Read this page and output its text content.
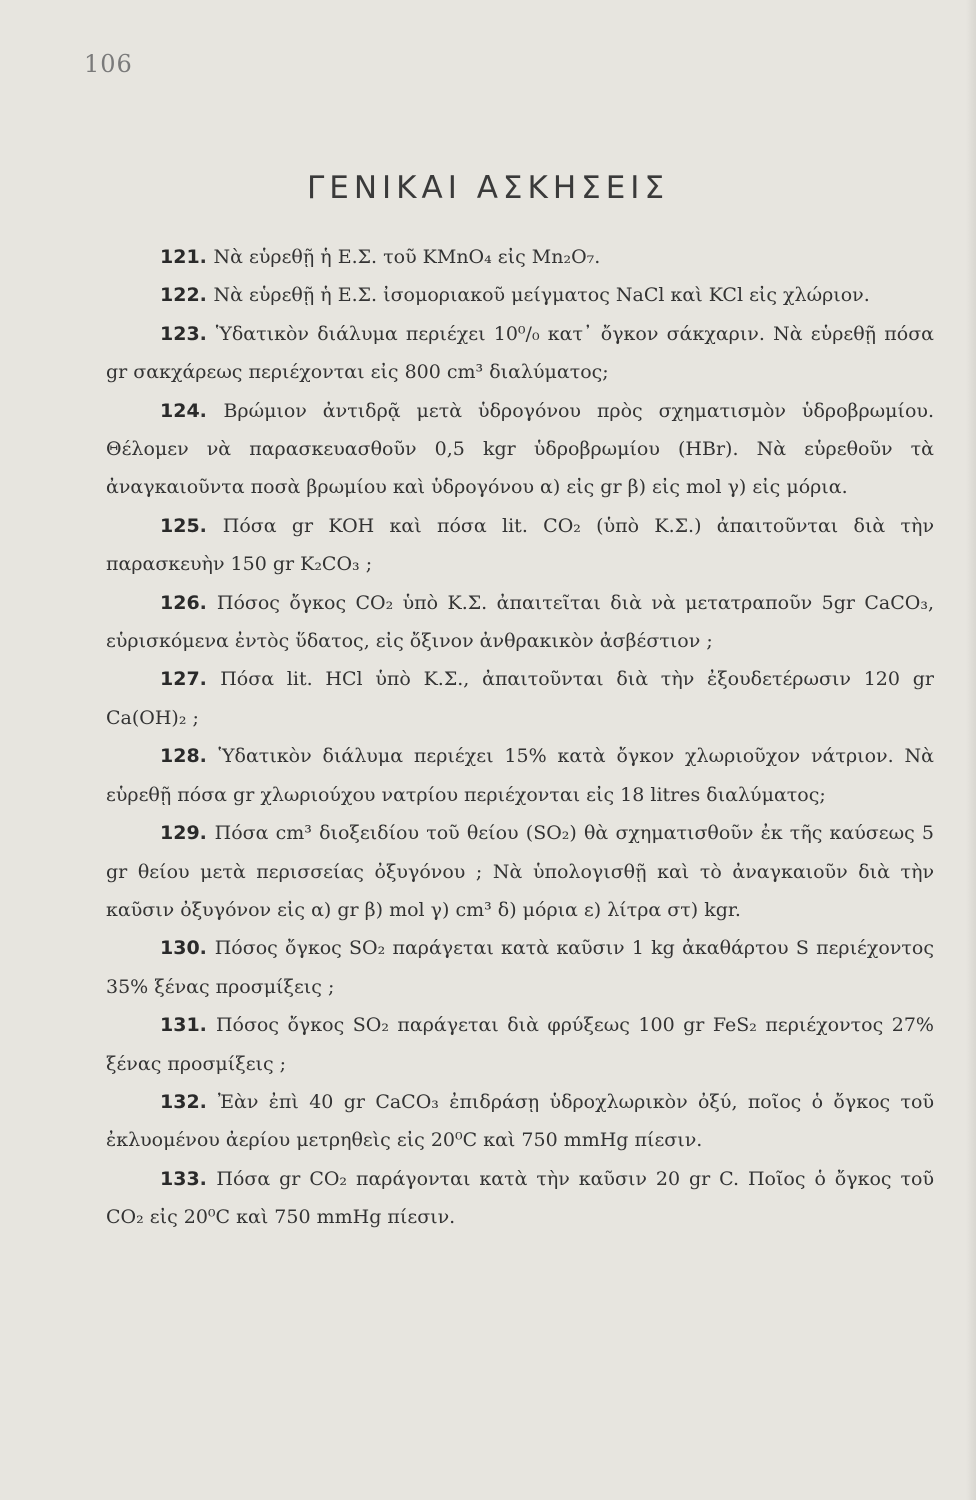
106
ΓΕΝΙΚΑΙ ΑΣΚΗΣΕΙΣ

121. Νὰ εὑρεθῇ ἡ Ε.Σ. τοῦ KMnO₄ εἰς Mn₂O₇.

122. Νὰ εὑρεθῇ ἡ Ε.Σ. ἰσομοριακοῦ μείγματος NaCl καὶ KCl εἰς χλώριον.

123. Ὑδατικὸν διάλυμα περιέχει 10⁰/₀ κατ᾽ ὄγκον σάκχαριν. Νὰ εὑρεθῇ πόσα gr σακχάρεως περιέχονται εἰς 800 cm³ διαλύματος;

124. Βρώμιον ἀντιδρᾷ μετὰ ὑδρογόνου πρὸς σχηματισμὸν ὑδροβρωμίου. Θέλομεν νὰ παρασκευασθοῦν 0,5 kgr ὑδροβρωμίου (HBr). Νὰ εὑρεθοῦν τὰ ἀναγκαιοῦντα ποσὰ βρωμίου καὶ ὑδρογόνου α) εἰς gr β) εἰς mol γ) εἰς μόρια.

125. Πόσα gr KOH καὶ πόσα lit. CO₂ (ὑπὸ Κ.Σ.) ἀπαιτοῦνται διὰ τὴν παρασκευὴν 150 gr K₂CO₃ ;

126. Πόσος ὄγκος CO₂ ὑπὸ Κ.Σ. ἀπαιτεῖται διὰ νὰ μετατραποῦν 5gr CaCO₃, εὑρισκόμενα ἐντὸς ὕδατος, εἰς ὄξινον ἀνθρακικὸν ἀσβέστιον ;

127. Πόσα lit. HCl ὑπὸ Κ.Σ., ἀπαιτοῦνται διὰ τὴν ἐξουδετέρωσιν 120 gr Ca(OH)₂ ;

128. Ὑδατικὸν διάλυμα περιέχει 15% κατὰ ὄγκον χλωριοῦχον νάτριον. Νὰ εὑρεθῇ πόσα gr χλωριούχου νατρίου περιέχονται εἰς 18 litres διαλύματος;

129. Πόσα cm³ διοξειδίου τοῦ θείου (SO₂) θὰ σχηματισθοῦν ἐκ τῆς καύσεως 5 gr θείου μετὰ περισσείας ὀξυγόνου ; Νὰ ὑπολογισθῇ καὶ τὸ ἀναγκαιοῦν διὰ τὴν καῦσιν ὀξυγόνον εἰς α) gr β) mol γ) cm³ δ) μόρια ε) λίτρα στ) kgr.

130. Πόσος ὄγκος SO₂ παράγεται κατὰ καῦσιν 1 kg ἀκαθάρτου S περιέχοντος 35% ξένας προσμίξεις ;

131. Πόσος ὄγκος SO₂ παράγεται διὰ φρύξεως 100 gr FeS₂ περιέχοντος 27% ξένας προσμίξεις ;

132. Ἐὰν ἐπὶ 40 gr CaCO₃ ἐπιδράσῃ ὑδροχλωρικὸν ὀξύ, ποῖος ὁ ὄγκος τοῦ ἐκλυομένου ἀερίου μετρηθεὶς εἰς 20⁰C καὶ 750 mmHg πίεσιν.

133. Πόσα gr CO₂ παράγονται κατὰ τὴν καῦσιν 20 gr C. Ποῖος ὁ ὄγκος τοῦ CO₂ εἰς 20⁰C καὶ 750 mmHg πίεσιν.
